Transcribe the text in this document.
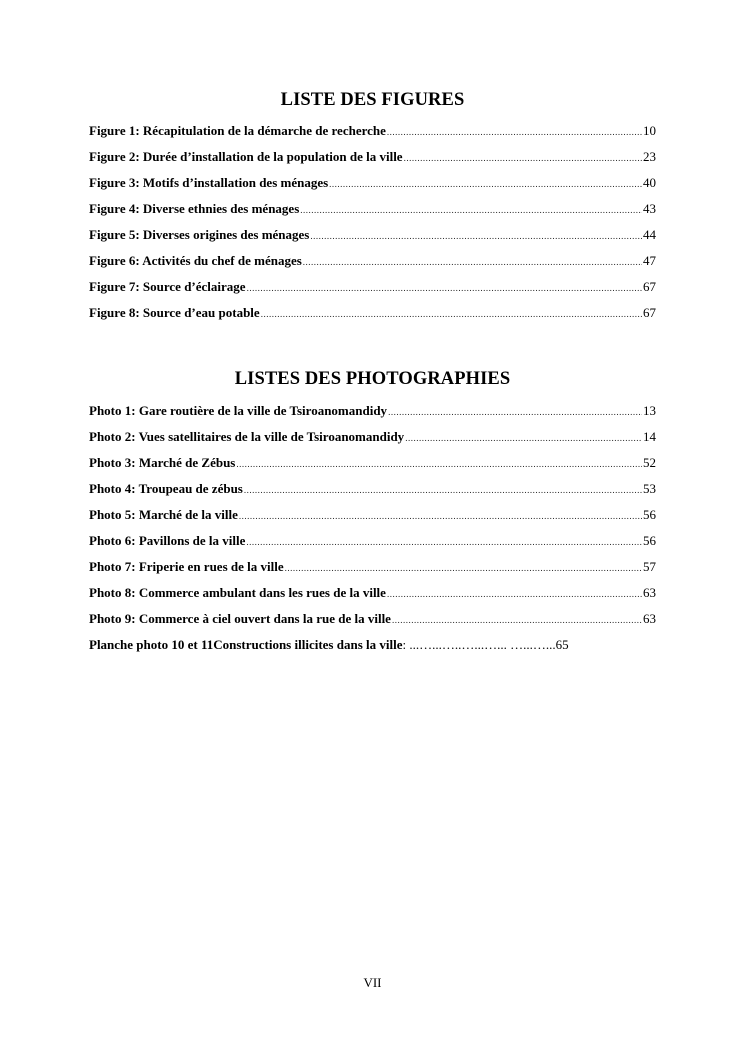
LISTE DES FIGURES
Figure 1: Récapitulation de la démarche de recherche .....	10
Figure 2: Durée d’installation de la population de la ville .....	23
Figure 3: Motifs d’installation des ménages .....	40
Figure 4: Diverse ethnies des ménages .....	43
Figure 5: Diverses origines des ménages .....	44
Figure 6: Activités du chef de ménages .....	47
Figure 7: Source d’éclairage .....	67
Figure 8: Source d’eau potable .....	67
LISTES DES PHOTOGRAPHIES
Photo 1: Gare routière de la ville de Tsiroanomandidy .....	13
Photo 2: Vues satellitaires de la ville de Tsiroanomandidy .....	14
Photo 3: Marché de Zébus .....	52
Photo 4: Troupeau de zébus .....	53
Photo 5: Marché de la ville .....	56
Photo 6: Pavillons de la ville .....	56
Photo 7: Friperie en rues de la ville .....	57
Photo 8: Commerce ambulant dans les rues de la ville .....	63
Photo 9: Commerce à ciel ouvert dans la rue de la ville .....	63
Planche photo 10 et 11 Constructions illicites dans la ville : ...…...…..…...…... …...…...65
VII
